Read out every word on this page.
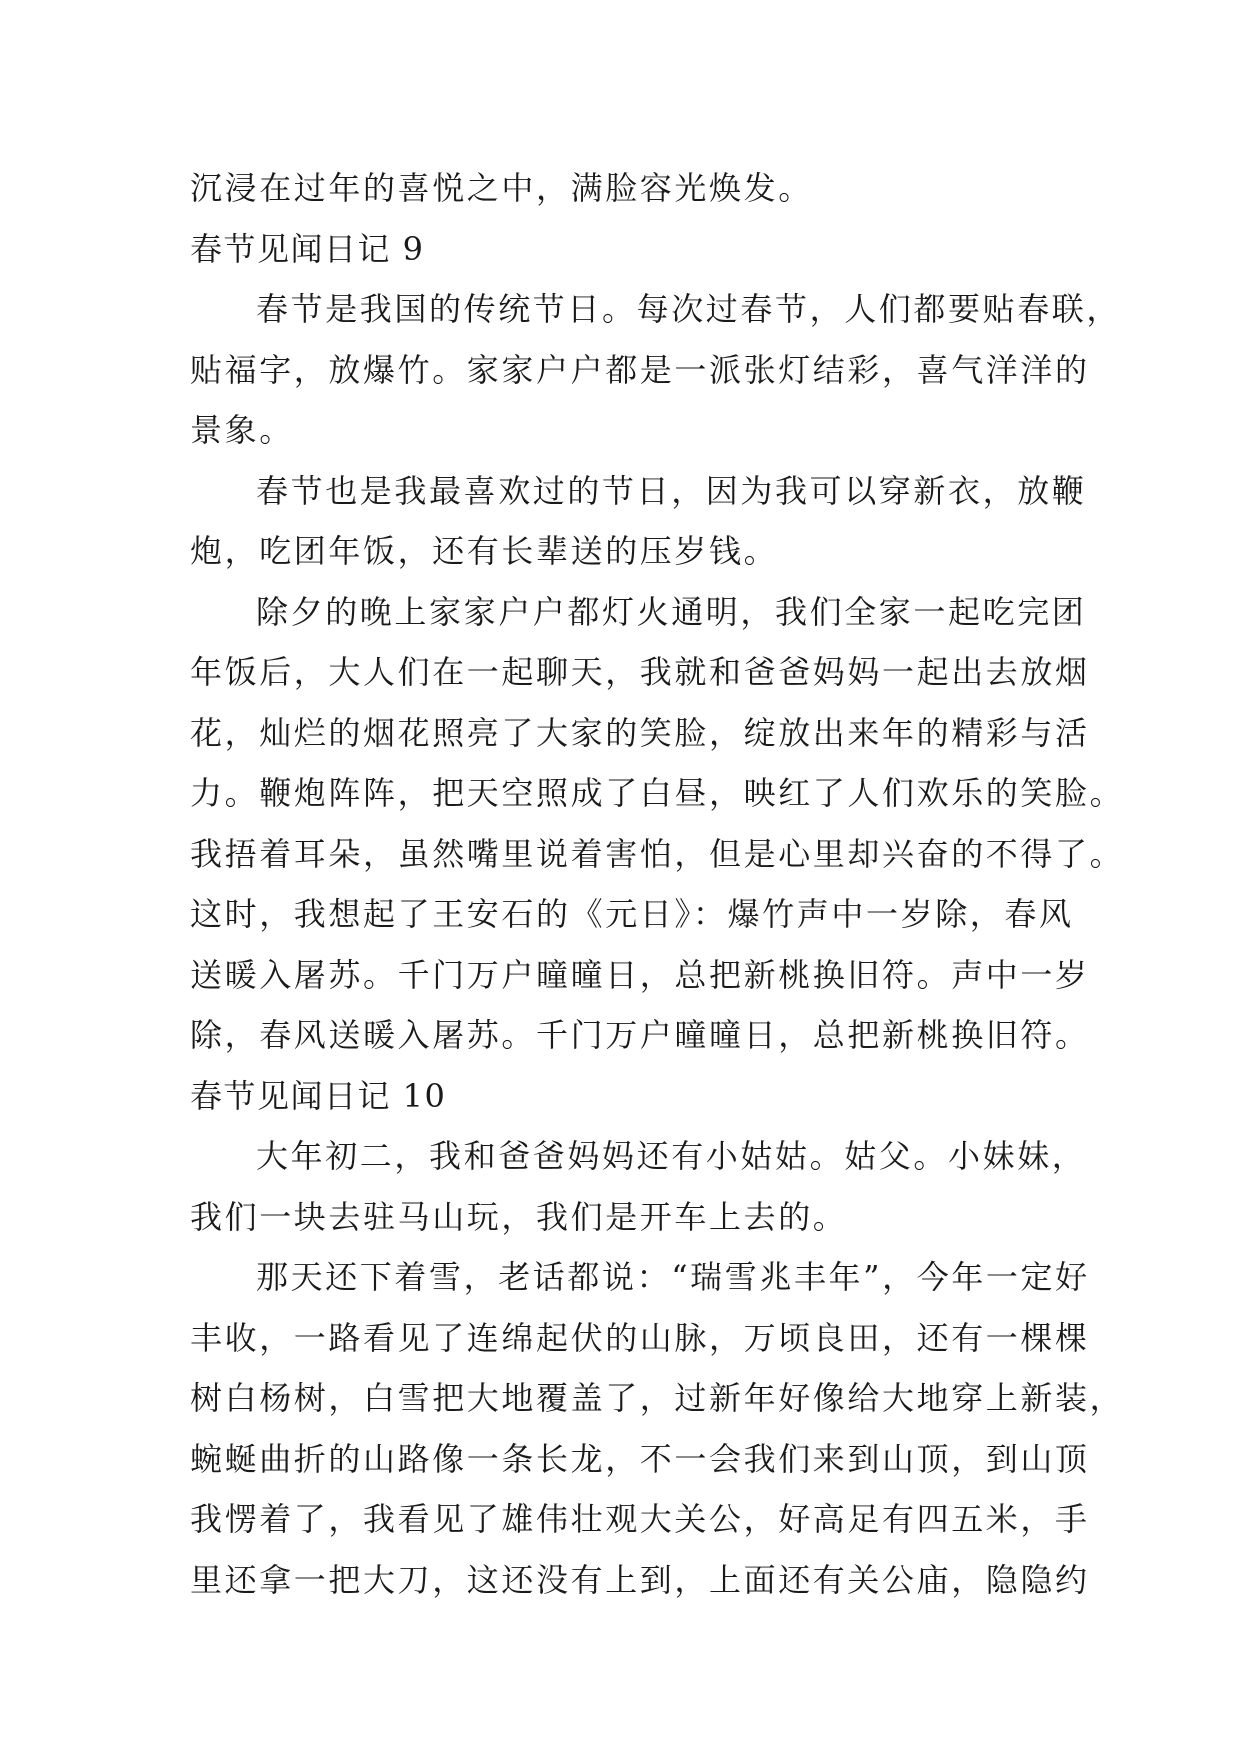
沉浸在过年的喜悦之中，满脸容光焕发。
春节见闻日记 9
春节是我国的传统节日。每次过春节，人们都要贴春联，
贴福字，放爆竹。家家户户都是一派张灯结彩，喜气洋洋的
景象。
春节也是我最喜欢过的节日，因为我可以穿新衣，放鞭
炮，吃团年饭，还有长辈送的压岁钱。
除夕的晚上家家户户都灯火通明，我们全家一起吃完团
年饭后，大人们在一起聊天，我就和爸爸妈妈一起出去放烟
花，灿烂的烟花照亮了大家的笑脸，绽放出来年的精彩与活
力。鞭炮阵阵，把天空照成了白昼，映红了人们欢乐的笑脸。
我捂着耳朵，虽然嘴里说着害怕，但是心里却兴奋的不得了。
这时，我想起了王安石的《元日》：爆竹声中一岁除，春风
送暖入屠苏。千门万户曈曈日，总把新桃换旧符。声中一岁
除，春风送暖入屠苏。千门万户曈曈日，总把新桃换旧符。
春节见闻日记 10
大年初二，我和爸爸妈妈还有小姑姑。姑父。小妹妹，
我们一块去驻马山玩，我们是开车上去的。
那天还下着雪，老话都说：“瑞雪兆丰年”，今年一定好
丰收，一路看见了连绵起伏的山脉，万顷良田，还有一棵棵
树白杨树，白雪把大地覆盖了，过新年好像给大地穿上新装，
蜿蜒曲折的山路像一条长龙，不一会我们来到山顶，到山顶
我愣着了，我看见了雄伟壮观大关公，好高足有四五米，手
里还拿一把大刀，这还没有上到，上面还有关公庙，隐隐约
